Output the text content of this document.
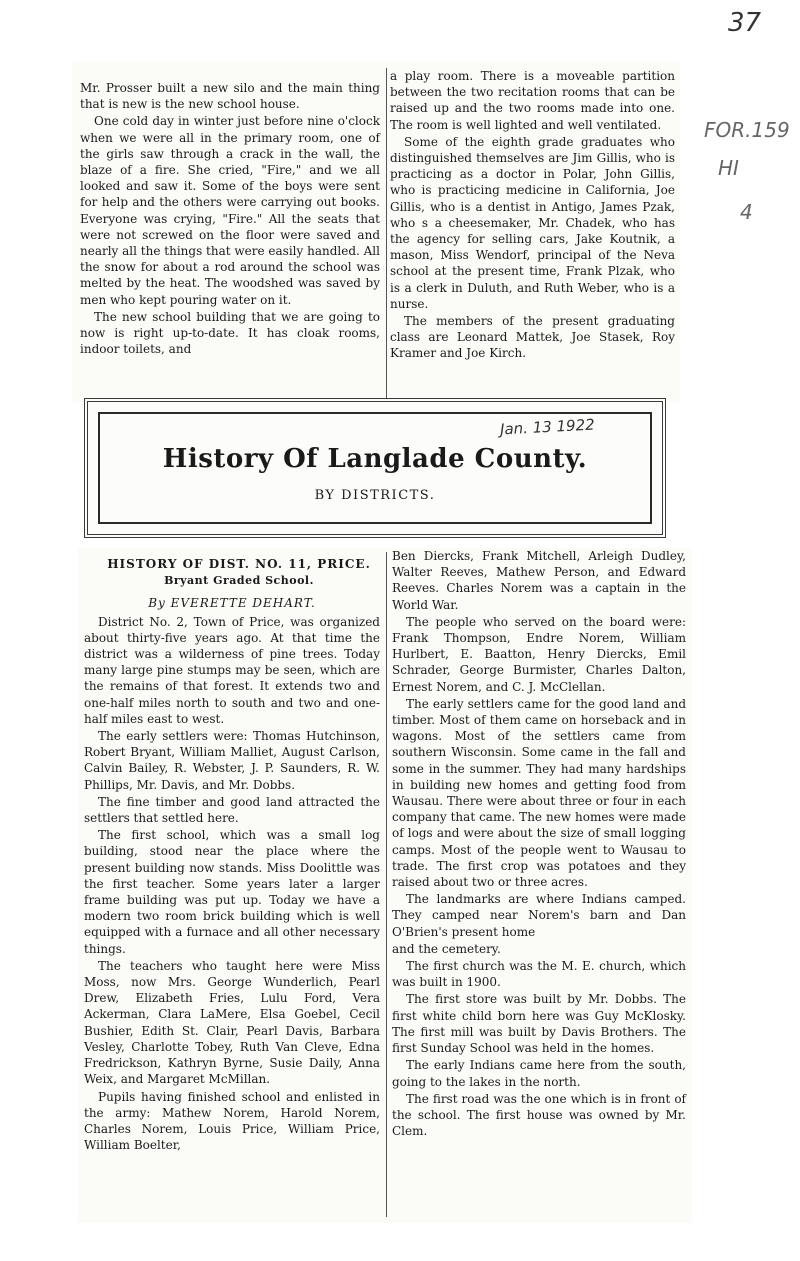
37
FOR.159
HI
4

Mr. Prosser built a new silo and the main thing that is new is the new school house.

One cold day in winter just before nine o'clock when we were all in the primary room, one of the girls saw through a crack in the wall, the blaze of a fire. She cried, "Fire," and we all looked and saw it. Some of the boys were sent for help and the others were carrying out books. Everyone was crying, "Fire." All the seats that were not screwed on the floor were saved and nearly all the things that were easily handled. All the snow for about a rod around the school was melted by the heat. The woodshed was saved by men who kept pouring water on it.

The new school building that we are going to now is right up-to-date. It has cloak rooms, indoor toilets, and

a play room. There is a moveable partition between the two recitation rooms that can be raised up and the two rooms made into one. The room is well lighted and well ventilated.

Some of the eighth grade graduates who distinguished themselves are Jim Gillis, who is practicing as a doctor in Polar, John Gillis, who is practicing medicine in California, Joe Gillis, who is a dentist in Antigo, James Pzak, who s a cheesemaker, Mr. Chadek, who has the agency for selling cars, Jake Koutnik, a mason, Miss Wendorf, principal of the Neva school at the present time, Frank Plzak, who is a clerk in Duluth, and Ruth Weber, who is a nurse.

The members of the present graduating class are Leonard Mattek, Joe Stasek, Roy Kramer and Joe Kirch.

History Of Langlade County.
BY DISTRICTS.
Jan. 13 1922

HISTORY OF DIST. NO. 11, PRICE.

Bryant Graded School.

By EVERETTE DEHART.

District No. 2, Town of Price, was organized about thirty-five years ago. At that time the district was a wilderness of pine trees. Today many large pine stumps may be seen, which are the remains of that forest. It extends two and one-half miles north to south and two and one-half miles east to west.

The early settlers were: Thomas Hutchinson, Robert Bryant, William Malliet, August Carlson, Calvin Bailey, R. Webster, J. P. Saunders, R. W. Phillips, Mr. Davis, and Mr. Dobbs.

The fine timber and good land attracted the settlers that settled here.

The first school, which was a small log building, stood near the place where the present building now stands. Miss Doolittle was the first teacher. Some years later a larger frame building was put up. Today we have a modern two room brick building which is well equipped with a furnace and all other necessary things.

The teachers who taught here were Miss Moss, now Mrs. George Wunderlich, Pearl Drew, Elizabeth Fries, Lulu Ford, Vera Ackerman, Clara LaMere, Elsa Goebel, Cecil Bushier, Edith St. Clair, Pearl Davis, Barbara Vesley, Charlotte Tobey, Ruth Van Cleve, Edna Fredrickson, Kathryn Byrne, Susie Daily, Anna Weix, and Margaret McMillan.

Pupils having finished school and enlisted in the army: Mathew Norem, Harold Norem, Charles Norem, Louis Price, William Price, William Boelter,

Ben Diercks, Frank Mitchell, Arleigh Dudley, Walter Reeves, Mathew Person, and Edward Reeves. Charles Norem was a captain in the World War.

The people who served on the board were: Frank Thompson, Endre Norem, William Hurlbert, E. Baatton, Henry Diercks, Emil Schrader, George Burmister, Charles Dalton, Ernest Norem, and C. J. McClellan.

The early settlers came for the good land and timber. Most of them came on horseback and in wagons. Most of the settlers came from southern Wisconsin. Some came in the fall and some in the summer. They had many hardships in building new homes and getting food from Wausau. There were about three or four in each company that came. The new homes were made of logs and were about the size of small logging camps. Most of the people went to Wausau to trade. The first crop was potatoes and they raised about two or three acres.

The landmarks are where Indians camped. They camped near Norem's barn and Dan O'Brien's present home

and the cemetery.

The first church was the M. E. church, which was built in 1900.

The first store was built by Mr. Dobbs. The first white child born here was Guy McKlosky. The first mill was built by Davis Brothers. The first Sunday School was held in the homes.

The early Indians came here from the south, going to the lakes in the north.

The first road was the one which is in front of the school. The first house was owned by Mr. Clem.
